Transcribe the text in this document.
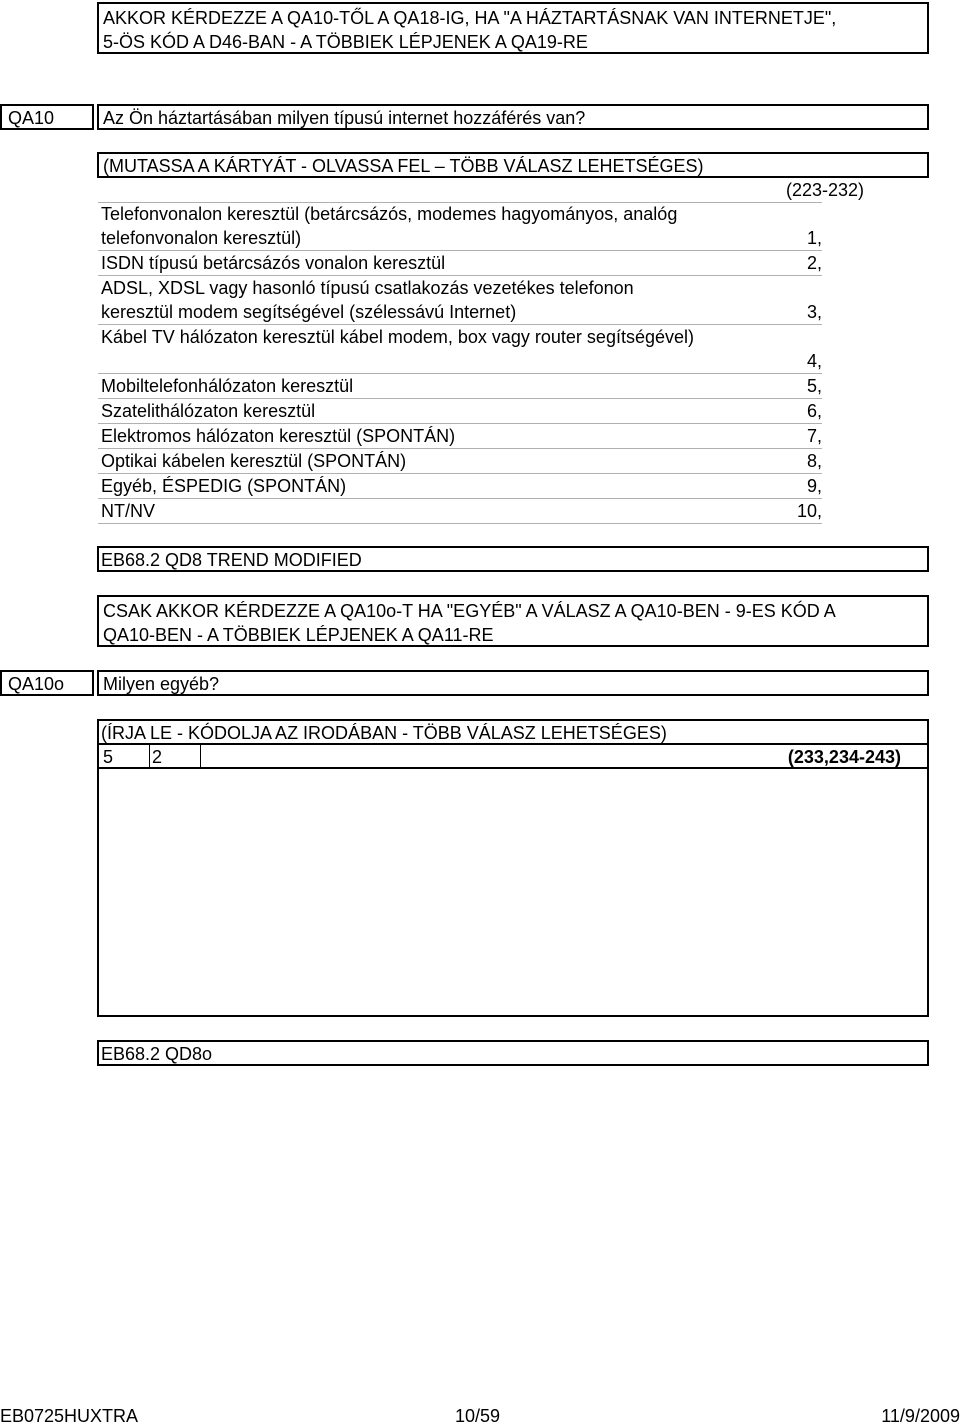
AKKOR KÉRDEZZE A QA10-TŐL A QA18-IG, HA "A HÁZTARTÁSNAK VAN INTERNETJE",
5-ÖS KÓD A D46-BAN - A TÖBBIEK LÉPJENEK A QA19-RE
QA10	Az Ön háztartásában milyen típusú internet hozzáférés van?
(MUTASSA A KÁRTYÁT - OLVASSA FEL – TÖBB VÁLASZ LEHETSÉGES)
(223-232)
Telefonvonalon keresztül (betárcsázós, modemes hagyományos, analóg
telefonvonalon keresztül)	1,
ISDN típusú betárcsázós vonalon keresztül	2,
ADSL, XDSL vagy hasonló típusú csatlakozás vezetékes telefonon
keresztül modem segítségével (szélessávú Internet)	3,
Kábel TV hálózaton keresztül kábel modem, box vagy router segítségével)
4,
Mobiltelefonhálózaton keresztül	5,
Szatelithálózaton keresztül	6,
Elektromos hálózaton keresztül (SPONTÁN)	7,
Optikai kábelen keresztül (SPONTÁN)	8,
Egyéb, ÉSPEDIG (SPONTÁN)	9,
NT/NV	10,
EB68.2 QD8 TREND MODIFIED
CSAK AKKOR KÉRDEZZE A QA10o-T HA "EGYÉB" A VÁLASZ A QA10-BEN - 9-ES KÓD A
QA10-BEN - A TÖBBIEK LÉPJENEK A QA11-RE
QA10o Milyen egyéb?
(ÍRJA LE - KÓDOLJA AZ IRODÁBAN - TÖBB VÁLASZ LEHETSÉGES)
5 2	(233,234-243)
EB68.2 QD8o
EB0725HUXTRA	10/59	11/9/2009
